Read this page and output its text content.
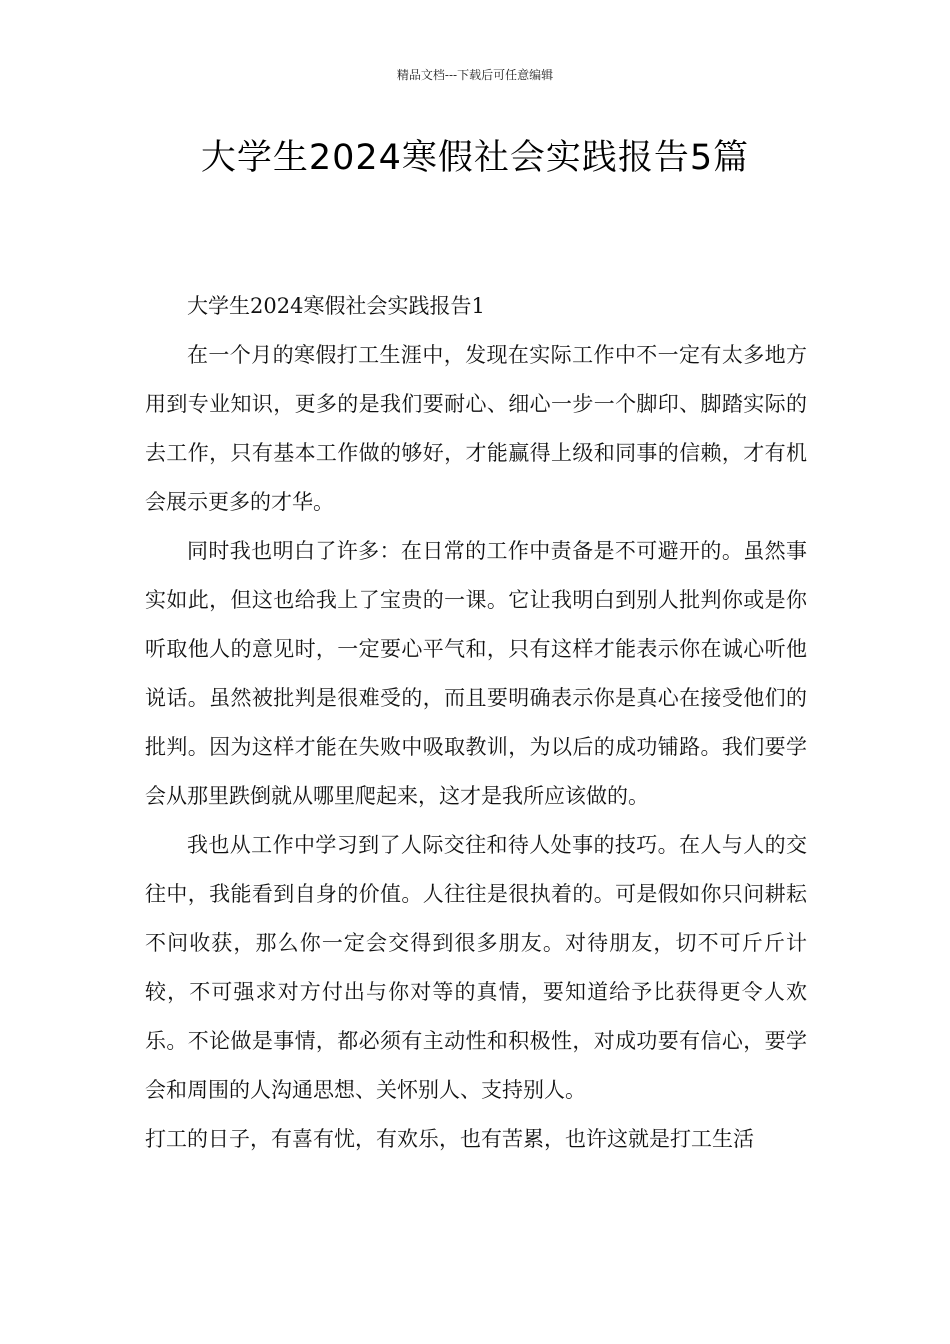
精品文档---下载后可任意编辑
大学生2024寒假社会实践报告5篇

大学生2024寒假社会实践报告1

在一个月的寒假打工生涯中，发现在实际工作中不一定有太多地方用到专业知识，更多的是我们要耐心、细心一步一个脚印、脚踏实际的去工作，只有基本工作做的够好，才能赢得上级和同事的信赖，才有机会展示更多的才华。

同时我也明白了许多：在日常的工作中责备是不可避开的。虽然事实如此，但这也给我上了宝贵的一课。它让我明白到别人批判你或是你听取他人的意见时，一定要心平气和，只有这样才能表示你在诚心听他说话。虽然被批判是很难受的，而且要明确表示你是真心在接受他们的批判。因为这样才能在失败中吸取教训，为以后的成功铺路。我们要学会从那里跌倒就从哪里爬起来，这才是我所应该做的。

我也从工作中学习到了人际交往和待人处事的技巧。在人与人的交往中，我能看到自身的价值。人往往是很执着的。可是假如你只问耕耘不问收获，那么你一定会交得到很多朋友。对待朋友，切不可斤斤计较，不可强求对方付出与你对等的真情，要知道给予比获得更令人欢乐。不论做是事情，都必须有主动性和积极性，对成功要有信心，要学会和周围的人沟通思想、关怀别人、支持别人。

打工的日子，有喜有忧，有欢乐，也有苦累，也许这就是打工生活
